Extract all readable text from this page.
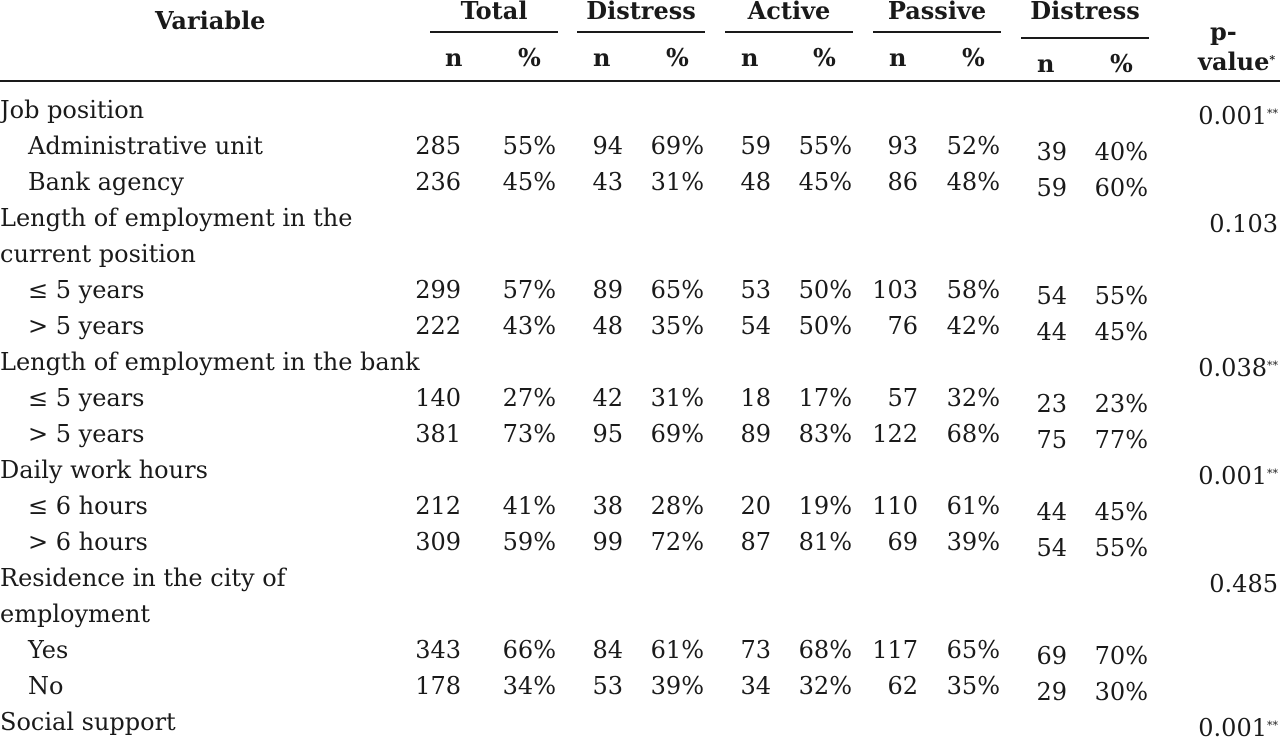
Variable	Total	Distress	Active	Passive	Distress
n % n % n % n % n %
p-
value*
Job position	0.001**
Administrative unit	285	55%	94	69%	59	55%	93	52%	39	40%
Bank agency	236	45%	43	31%	48	45%	86	48%	59	60%
Length of employment in the	0.103
current position
≤ 5 years	299	57%	89	65%	53	50% 103	58%	54	55%
> 5 years	222	43%	48	35%	54	50%	76	42%	44	45%
Length of employment in the bank	0.038**
≤ 5 years	140	27%	42	31%	18	17%	57	32%	23	23%
> 5 years	381	73%	95	69%	89	83% 122	68%	75	77%
Daily work hours	0.001**
≤ 6 hours	212	41%	38	28%	20	19% 110	61%	44	45%
> 6 hours	309	59%	99	72%	87	81%	69	39%	54	55%
Residence in the city of	0.485
employment
Yes	343	66%	84	61%	73	68% 117	65%	69	70%
No	178	34%	53	39%	34	32%	62	35%	29	30%
Social support	0.001**
